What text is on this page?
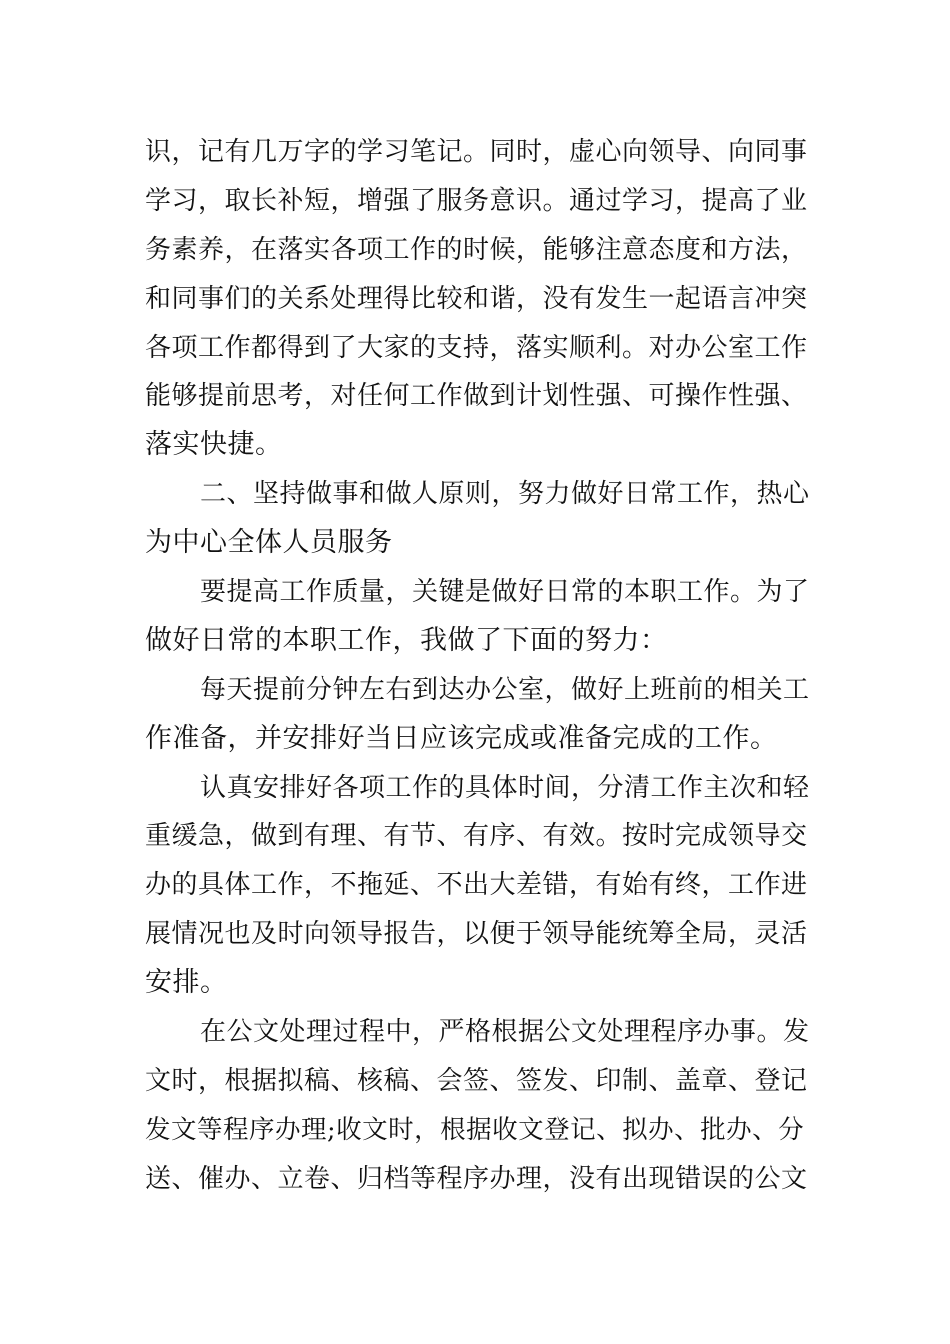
识，记有几万字的学习笔记。同时，虚心向领导、向同事
学习，取长补短，增强了服务意识。通过学习，提高了业
务素养，在落实各项工作的时候，能够注意态度和方法，
和同事们的关系处理得比较和谐，没有发生一起语言冲突
各项工作都得到了大家的支持，落实顺利。对办公室工作
能够提前思考，对任何工作做到计划性强、可操作性强、
落实快捷。
二、坚持做事和做人原则，努力做好日常工作，热心
为中心全体人员服务
要提高工作质量，关键是做好日常的本职工作。为了
做好日常的本职工作，我做了下面的努力：
每天提前分钟左右到达办公室，做好上班前的相关工
作准备，并安排好当日应该完成或准备完成的工作。
认真安排好各项工作的具体时间，分清工作主次和轻
重缓急，做到有理、有节、有序、有效。按时完成领导交
办的具体工作，不拖延、不出大差错，有始有终，工作进
展情况也及时向领导报告，以便于领导能统筹全局，灵活
安排。
在公文处理过程中，严格根据公文处理程序办事。发
文时，根据拟稿、核稿、会签、签发、印制、盖章、登记
发文等程序办理;收文时，根据收文登记、拟办、批办、分
送、催办、立卷、归档等程序办理，没有出现错误的公文
